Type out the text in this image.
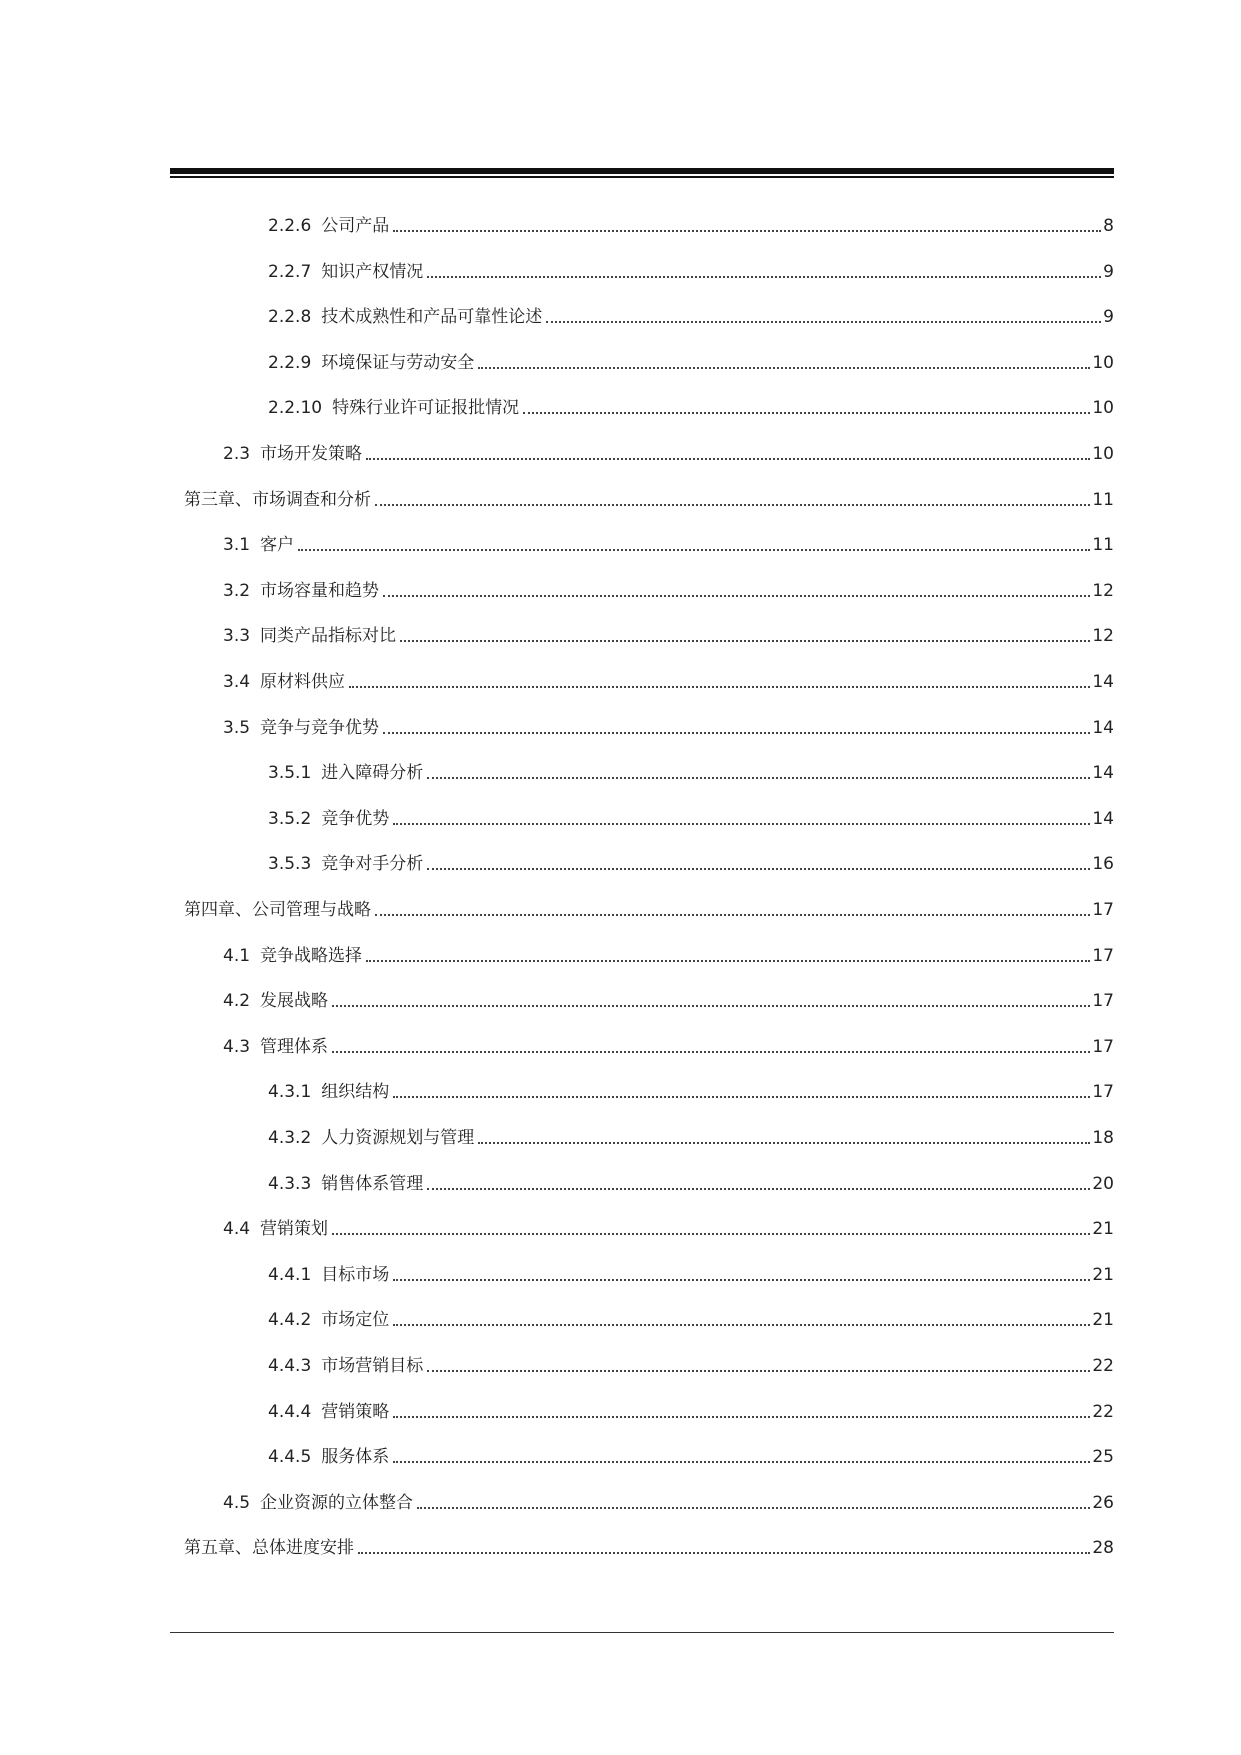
2.2.6 公司产品	8
2.2.7 知识产权情况	9
2.2.8 技术成熟性和产品可靠性论述	9
2.2.9 环境保证与劳动安全	10
2.2.10 特殊行业许可证报批情况	10
2.3 市场开发策略	10
第三章、市场调查和分析	11
3.1 客户	11
3.2 市场容量和趋势	12
3.3 同类产品指标对比	12
3.4 原材料供应	14
3.5 竞争与竞争优势	14
3.5.1 进入障碍分析	14
3.5.2 竞争优势	14
3.5.3 竞争对手分析	16
第四章、公司管理与战略	17
4.1 竞争战略选择	17
4.2 发展战略	17
4.3 管理体系	17
4.3.1 组织结构	17
4.3.2 人力资源规划与管理	18
4.3.3 销售体系管理	20
4.4 营销策划	21
4.4.1 目标市场	21
4.4.2 市场定位	21
4.4.3 市场营销目标	22
4.4.4 营销策略	22
4.4.5 服务体系	25
4.5 企业资源的立体整合	26
第五章、总体进度安排	28
